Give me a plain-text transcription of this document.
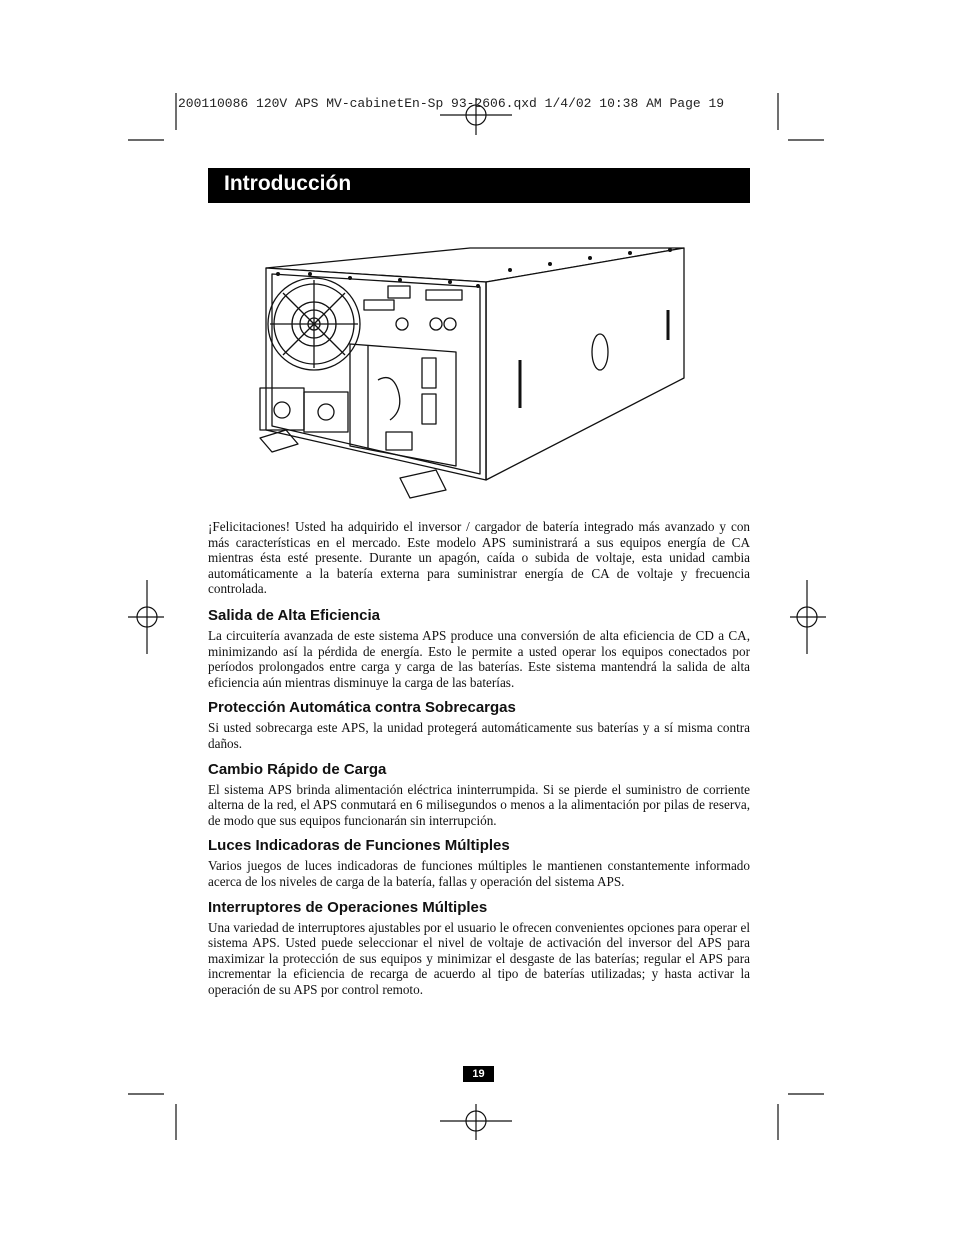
200110086 120V APS MV-cabinetEn-Sp 93-2606.qxd 1/4/02 10:38 AM Page 19
Introducción

¡Felicitaciones! Usted ha adquirido el inversor / cargador de batería integrado más avanzado y con más características en el mercado. Este modelo APS suministrará a sus equipos energía de CA mientras ésta esté presente. Durante un apagón, caída o subida de voltaje, esta unidad cambia automáticamente a la batería externa para suministrar energía de CA de voltaje y frecuencia controlada.

Salida de Alta Eficiencia

La circuitería avanzada de este sistema APS produce una conversión de alta eficiencia de CD a CA, minimizando así la pérdida de energía. Esto le permite a usted operar los equipos conectados por períodos prolongados entre carga y carga de las baterías. Este sistema mantendrá la salida de alta eficiencia aún mientras disminuye la carga de las baterías.

Protección Automática contra Sobrecargas

Si usted sobrecarga este APS, la unidad protegerá automáticamente sus baterías y a sí misma contra daños.

Cambio Rápido de Carga

El sistema APS brinda alimentación eléctrica ininterrumpida. Si se pierde el suministro de corriente alterna de la red, el APS conmutará en 6 milisegundos o menos a la alimentación por pilas de reserva, de modo que sus equipos funcionarán sin interrupción.

Luces Indicadoras de Funciones Múltiples

Varios juegos de luces indicadoras de funciones múltiples le mantienen constantemente informado acerca de los niveles de carga de la batería, fallas y operación del sistema APS.

Interruptores de Operaciones Múltiples

Una variedad de interruptores ajustables por el usuario le ofrecen convenientes opciones para operar el sistema APS. Usted puede seleccionar el nivel de voltaje de activación del inversor del APS para maximizar la protección de sus equipos y minimizar el desgaste de las baterías; regular el APS para incrementar la eficiencia de recarga de acuerdo al tipo de baterías utilizadas; y hasta activar la operación de su APS por control remoto.

19
